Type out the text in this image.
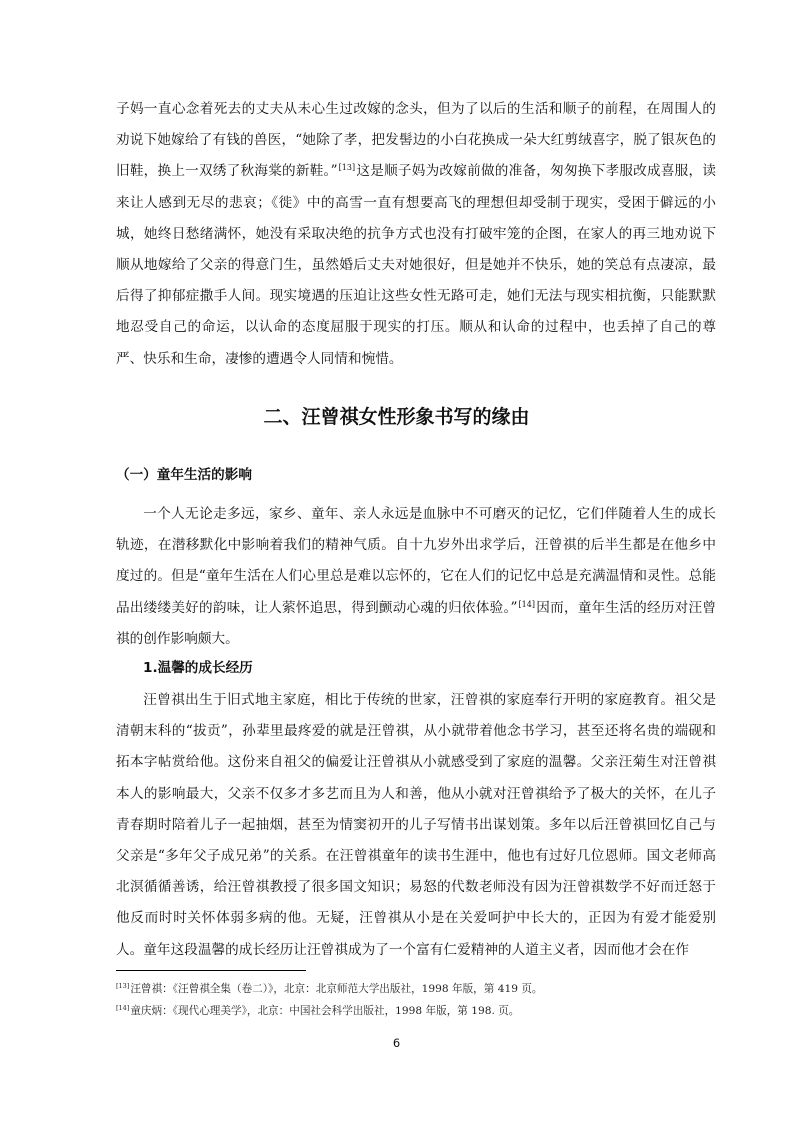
子妈一直心念着死去的丈夫从未心生过改嫁的念头，但为了以后的生活和顺子的前程，在周围人的劝说下她嫁给了有钱的兽医，“她除了孝，把发髻边的小白花换成一朵大红剪绒喜字，脱了银灰色的旧鞋，换上一双绣了秋海棠的新鞋。”[13]这是顺子妈为改嫁前做的准备，匆匆换下孝服改成喜服，读来让人感到无尽的悲哀；《徙》中的高雪一直有想要高飞的理想但却受制于现实，受困于僻远的小城，她终日愁绪满怀，她没有采取决绝的抗争方式也没有打破牢笼的企图，在家人的再三地劝说下顺从地嫁给了父亲的得意门生，虽然婚后丈夫对她很好，但是她并不快乐，她的笑总有点凄凉，最后得了抑郁症撒手人间。现实境遇的压迫让这些女性无路可走，她们无法与现实相抗衡，只能默默地忍受自己的命运，以认命的态度屈服于现实的打压。顺从和认命的过程中，也丢掉了自己的尊严、快乐和生命，凄惨的遭遇令人同情和惋惜。

二、汪曾祺女性形象书写的缘由
（一）童年生活的影响

一个人无论走多远，家乡、童年、亲人永远是血脉中不可磨灭的记忆，它们伴随着人生的成长轨迹，在潜移默化中影响着我们的精神气质。自十九岁外出求学后，汪曾祺的后半生都是在他乡中度过的。但是“童年生活在人们心里总是难以忘怀的，它在人们的记忆中总是充满温情和灵性。总能品出缕缕美好的韵味，让人萦怀追思，得到颤动心魂的归依体验。”[14]因而，童年生活的经历对汪曾祺的创作影响颇大。

1.温馨的成长经历

汪曾祺出生于旧式地主家庭，相比于传统的世家，汪曾祺的家庭奉行开明的家庭教育。祖父是清朝末科的“拔贡”，孙辈里最疼爱的就是汪曾祺，从小就带着他念书学习，甚至还将名贵的端砚和拓本字帖赏给他。这份来自祖父的偏爱让汪曾祺从小就感受到了家庭的温馨。父亲汪菊生对汪曾祺本人的影响最大，父亲不仅多才多艺而且为人和善，他从小就对汪曾祺给予了极大的关怀，在儿子青春期时陪着儿子一起抽烟，甚至为情窦初开的儿子写情书出谋划策。多年以后汪曾祺回忆自己与父亲是“多年父子成兄弟”的关系。在汪曾祺童年的读书生涯中，他也有过好几位恩师。国文老师高北溟循循善诱，给汪曾祺教授了很多国文知识；易怒的代数老师没有因为汪曾祺数学不好而迁怒于他反而时时关怀体弱多病的他。无疑，汪曾祺从小是在关爱呵护中长大的，正因为有爱才能爱别人。童年这段温馨的成长经历让汪曾祺成为了一个富有仁爱精神的人道主义者，因而他才会在作

[13]汪曾祺：《汪曾祺全集（卷二）》，北京：北京师范大学出版社，1998 年版，第 419 页。

[14]童庆炳：《现代心理美学》，北京：中国社会科学出版社，1998 年版，第 198. 页。

6
